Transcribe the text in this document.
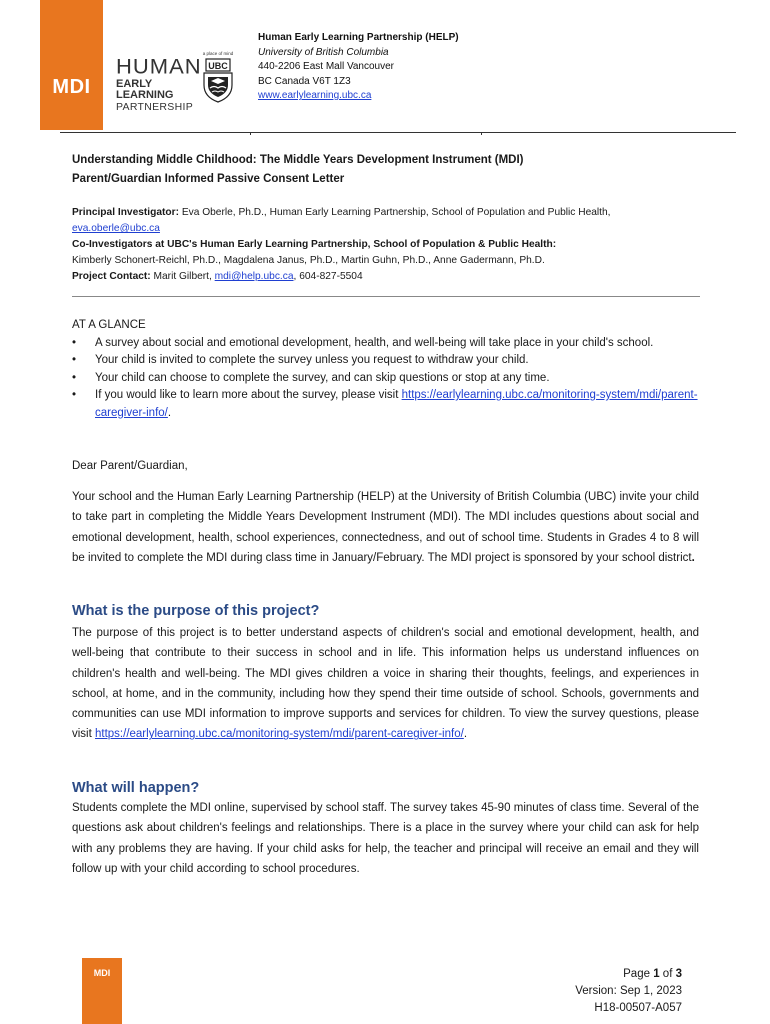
MDI
HUMAN
EARLY LEARNING
PARTNERSHIP
a place of mind
UBC
Human Early Learning Partnership (HELP)
University of British Columbia
440-2206 East Mall Vancouver
BC Canada V6T 1Z3
www.earlylearning.ubc.ca
Understanding Middle Childhood: The Middle Years Development Instrument (MDI)
Parent/Guardian Informed Passive Consent Letter
Principal Investigator: Eva Oberle, Ph.D., Human Early Learning Partnership, School of Population and Public Health,
eva.oberle@ubc.ca
Co-Investigators at UBC's Human Early Learning Partnership, School of Population & Public Health:
Kimberly Schonert-Reichl, Ph.D., Magdalena Janus, Ph.D., Martin Guhn, Ph.D., Anne Gadermann, Ph.D.
Project Contact: Marit Gilbert, mdi@help.ubc.ca, 604-827-5504
AT A GLANCE
• A survey about social and emotional development, health, and well-being will take place in your child's school.
• Your child is invited to complete the survey unless you request to withdraw your child.
• Your child can choose to complete the survey, and can skip questions or stop at any time.
• If you would like to learn more about the survey, please visit https://earlylearning.ubc.ca/monitoring-system/mdi/parent-caregiver-info/.
Dear Parent/Guardian,
Your school and the Human Early Learning Partnership (HELP) at the University of British Columbia (UBC) invite your child to take part in completing the Middle Years Development Instrument (MDI). The MDI includes questions about social and emotional development, health, school experiences, connectedness, and out of school time. Students in Grades 4 to 8 will be invited to complete the MDI during class time in January/February. The MDI project is sponsored by your school district.
What is the purpose of this project?
The purpose of this project is to better understand aspects of children's social and emotional development, health, and well-being that contribute to their success in school and in life. This information helps us understand influences on children's health and well-being. The MDI gives children a voice in sharing their thoughts, feelings, and experiences in school, at home, and in the community, including how they spend their time outside of school. Schools, governments and communities can use MDI information to improve supports and services for children. To view the survey questions, please visit https://earlylearning.ubc.ca/monitoring-system/mdi/parent-caregiver-info/.
What will happen?
Students complete the MDI online, supervised by school staff. The survey takes 45-90 minutes of class time. Several of the questions ask about children's feelings and relationships. There is a place in the survey where your child can ask for help with any problems they are having. If your child asks for help, the teacher and principal will receive an email and they will follow up with your child according to school procedures.
MDI	Page 1 of 3
Version: Sep 1, 2023
H18-00507-A057
